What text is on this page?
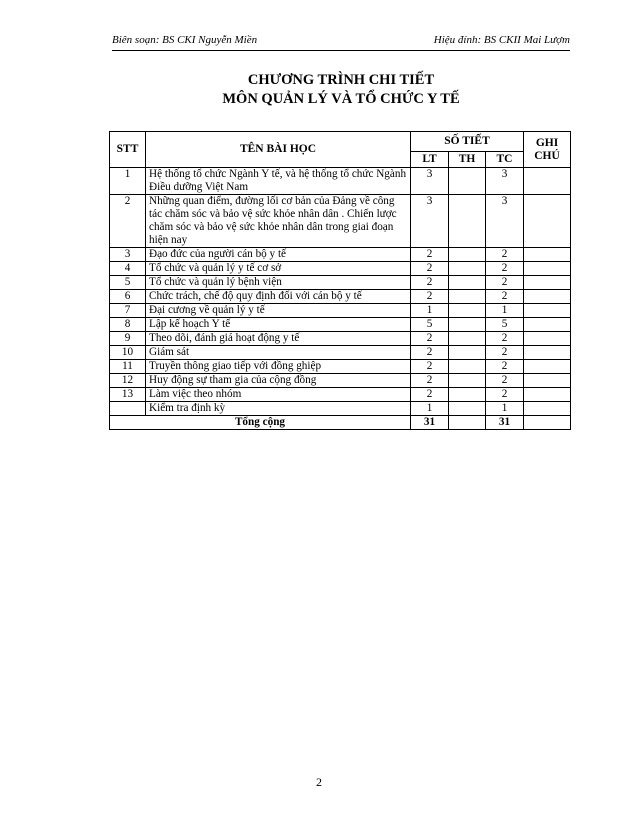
Biên soạn: BS CKI Nguyễn Miền	Hiệu đính: BS CKII Mai Lượm
CHƯƠNG TRÌNH CHI TIẾT
MÔN QUẢN LÝ VÀ TỔ CHỨC Y TẾ
STT	TÊN BÀI HỌC	SỐ TIẾT			GHI CHÚ
		LT	TH	TC	
1	Hệ thống tổ chức Ngành Y tế, và hệ thống tổ chức Ngành Điều dưỡng Việt Nam	3		3	
2	Những quan điểm, đường lối cơ bản của Đảng về công tác chăm sóc và bảo vệ sức khỏe nhân dân . Chiến lược chăm sóc và bảo vệ sức khỏe nhân dân trong giai đoạn hiện nay	3		3	
3	Đạo đức của người cán bộ y tế	2		2	
4	Tổ chức và quản lý y tế cơ sở	2		2	
5	Tổ chức và quản lý bệnh viện	2		2	
6	Chức trách, chế độ quy định đối với cán bộ y tế	2		2	
7	Đại cương về quản lý y tế	1		1	
8	Lập kế hoạch Y tế	5		5	
9	Theo dõi, đánh giá hoạt động y tế	2		2	
10	Giám sát	2		2	
11	Truyền thông giao tiếp với đồng ghiệp	2		2	
12	Huy động sự tham gia của cộng đồng	2		2	
13	Làm việc theo nhóm	2		2	
	Kiểm tra định kỳ	1		1	
Tổng cộng		31		31	
2
